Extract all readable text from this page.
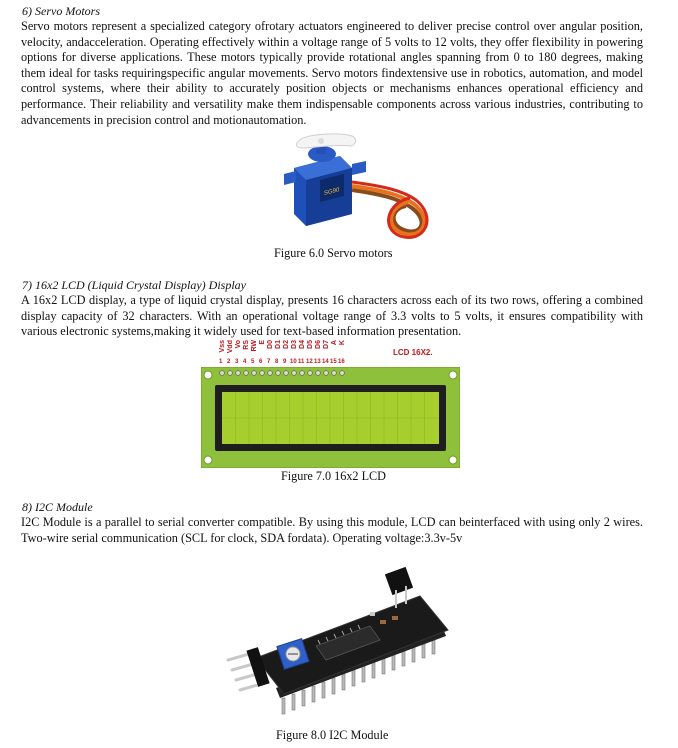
6) Servo Motors

Servo motors represent a specialized category ofrotary actuators engineered to deliver precise control over angular position, velocity, andacceleration. Operating effectively within a voltage range of 5 volts to 12 volts, they offer flexibility in powering options for diverse applications. These motors typically provide rotational angles spanning from 0 to 180 degrees, making them ideal for tasks requiringspecific angular movements. Servo motors findextensive use in robotics, automation, and model control systems, where their ability to accurately position objects or mechanisms enhances operational efficiency and performance. Their reliability and versatility make them indispensable components across various industries, contributing to advancements in precision control and motionautomation.

SG90
Figure 6.0 Servo motors
7) 16x2 LCD (Liquid Crystal Display) Display

A 16x2 LCD display, a type of liquid crystal display, presents 16 characters across each of its two rows, offering a combined display capacity of 32 characters. With an operational voltage range of 3.3 volts to 5 volts, it ensures compatibility with various electronic systems,making it widely used for text-based information presentation.

Vss Vdd Vo RS RW E D0 D1 D2 D3 D4 D5 D6 D7 A K
1 2 3 4 5 6 7 8 9 10 11 12 13 14 15 16
LCD 16X2.
Figure 7.0 16x2 LCD
8) I2C Module

I2C Module is a parallel to serial converter compatible. By using this module, LCD can beinterfaced with using only 2 wires. Two-wire serial communication (SCL for clock, SDA fordata). Operating voltage:3.3v-5v

Figure 8.0 I2C Module
